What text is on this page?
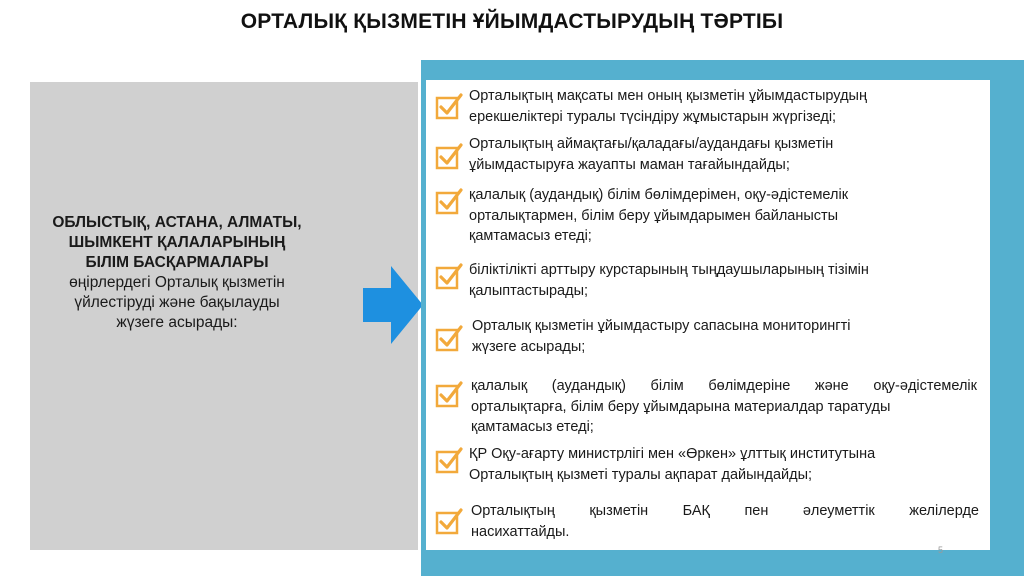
ОРТАЛЫҚ ҚЫЗМЕТІН ҰЙЫМДАСТЫРУДЫҢ ТӘРТІБІ
ОБЛЫСТЫҚ, АСТАНА, АЛМАТЫ,
ШЫМКЕНТ ҚАЛАЛАРЫНЫҢ
БІЛІМ БАСҚАРМАЛАРЫ
өңірлердегі Орталық қызметін
үйлестіруді және бақылауды
жүзеге асырады:
Орталықтың мақсаты мен оның қызметін ұйымдастырудың
ерекшеліктері туралы түсіндіру жұмыстарын жүргізеді;
Орталықтың аймақтағы/қаладағы/аудандағы қызметін
ұйымдастыруға жауапты маман тағайындайды;
қалалық (аудандық) білім бөлімдерімен, оқу-әдістемелік
орталықтармен, білім беру ұйымдарымен байланысты
қамтамасыз етеді;
біліктілікті арттыру курстарының тыңдаушыларының тізімін
қалыптастырады;
Орталық қызметін ұйымдастыру сапасына мониторингті
жүзеге асырады;
қалалық (аудандық) білім бөлімдеріне және оқу-әдістемелік
орталықтарға, білім беру ұйымдарына материалдар таратуды
қамтамасыз етеді;
ҚР Оқу-ағарту министрлігі мен «Өркен» ұлттық институтына
Орталықтың қызметі туралы ақпарат дайындайды;
Орталықтың қызметін БАҚ пен әлеуметтік желілерде
насихаттайды.
5
